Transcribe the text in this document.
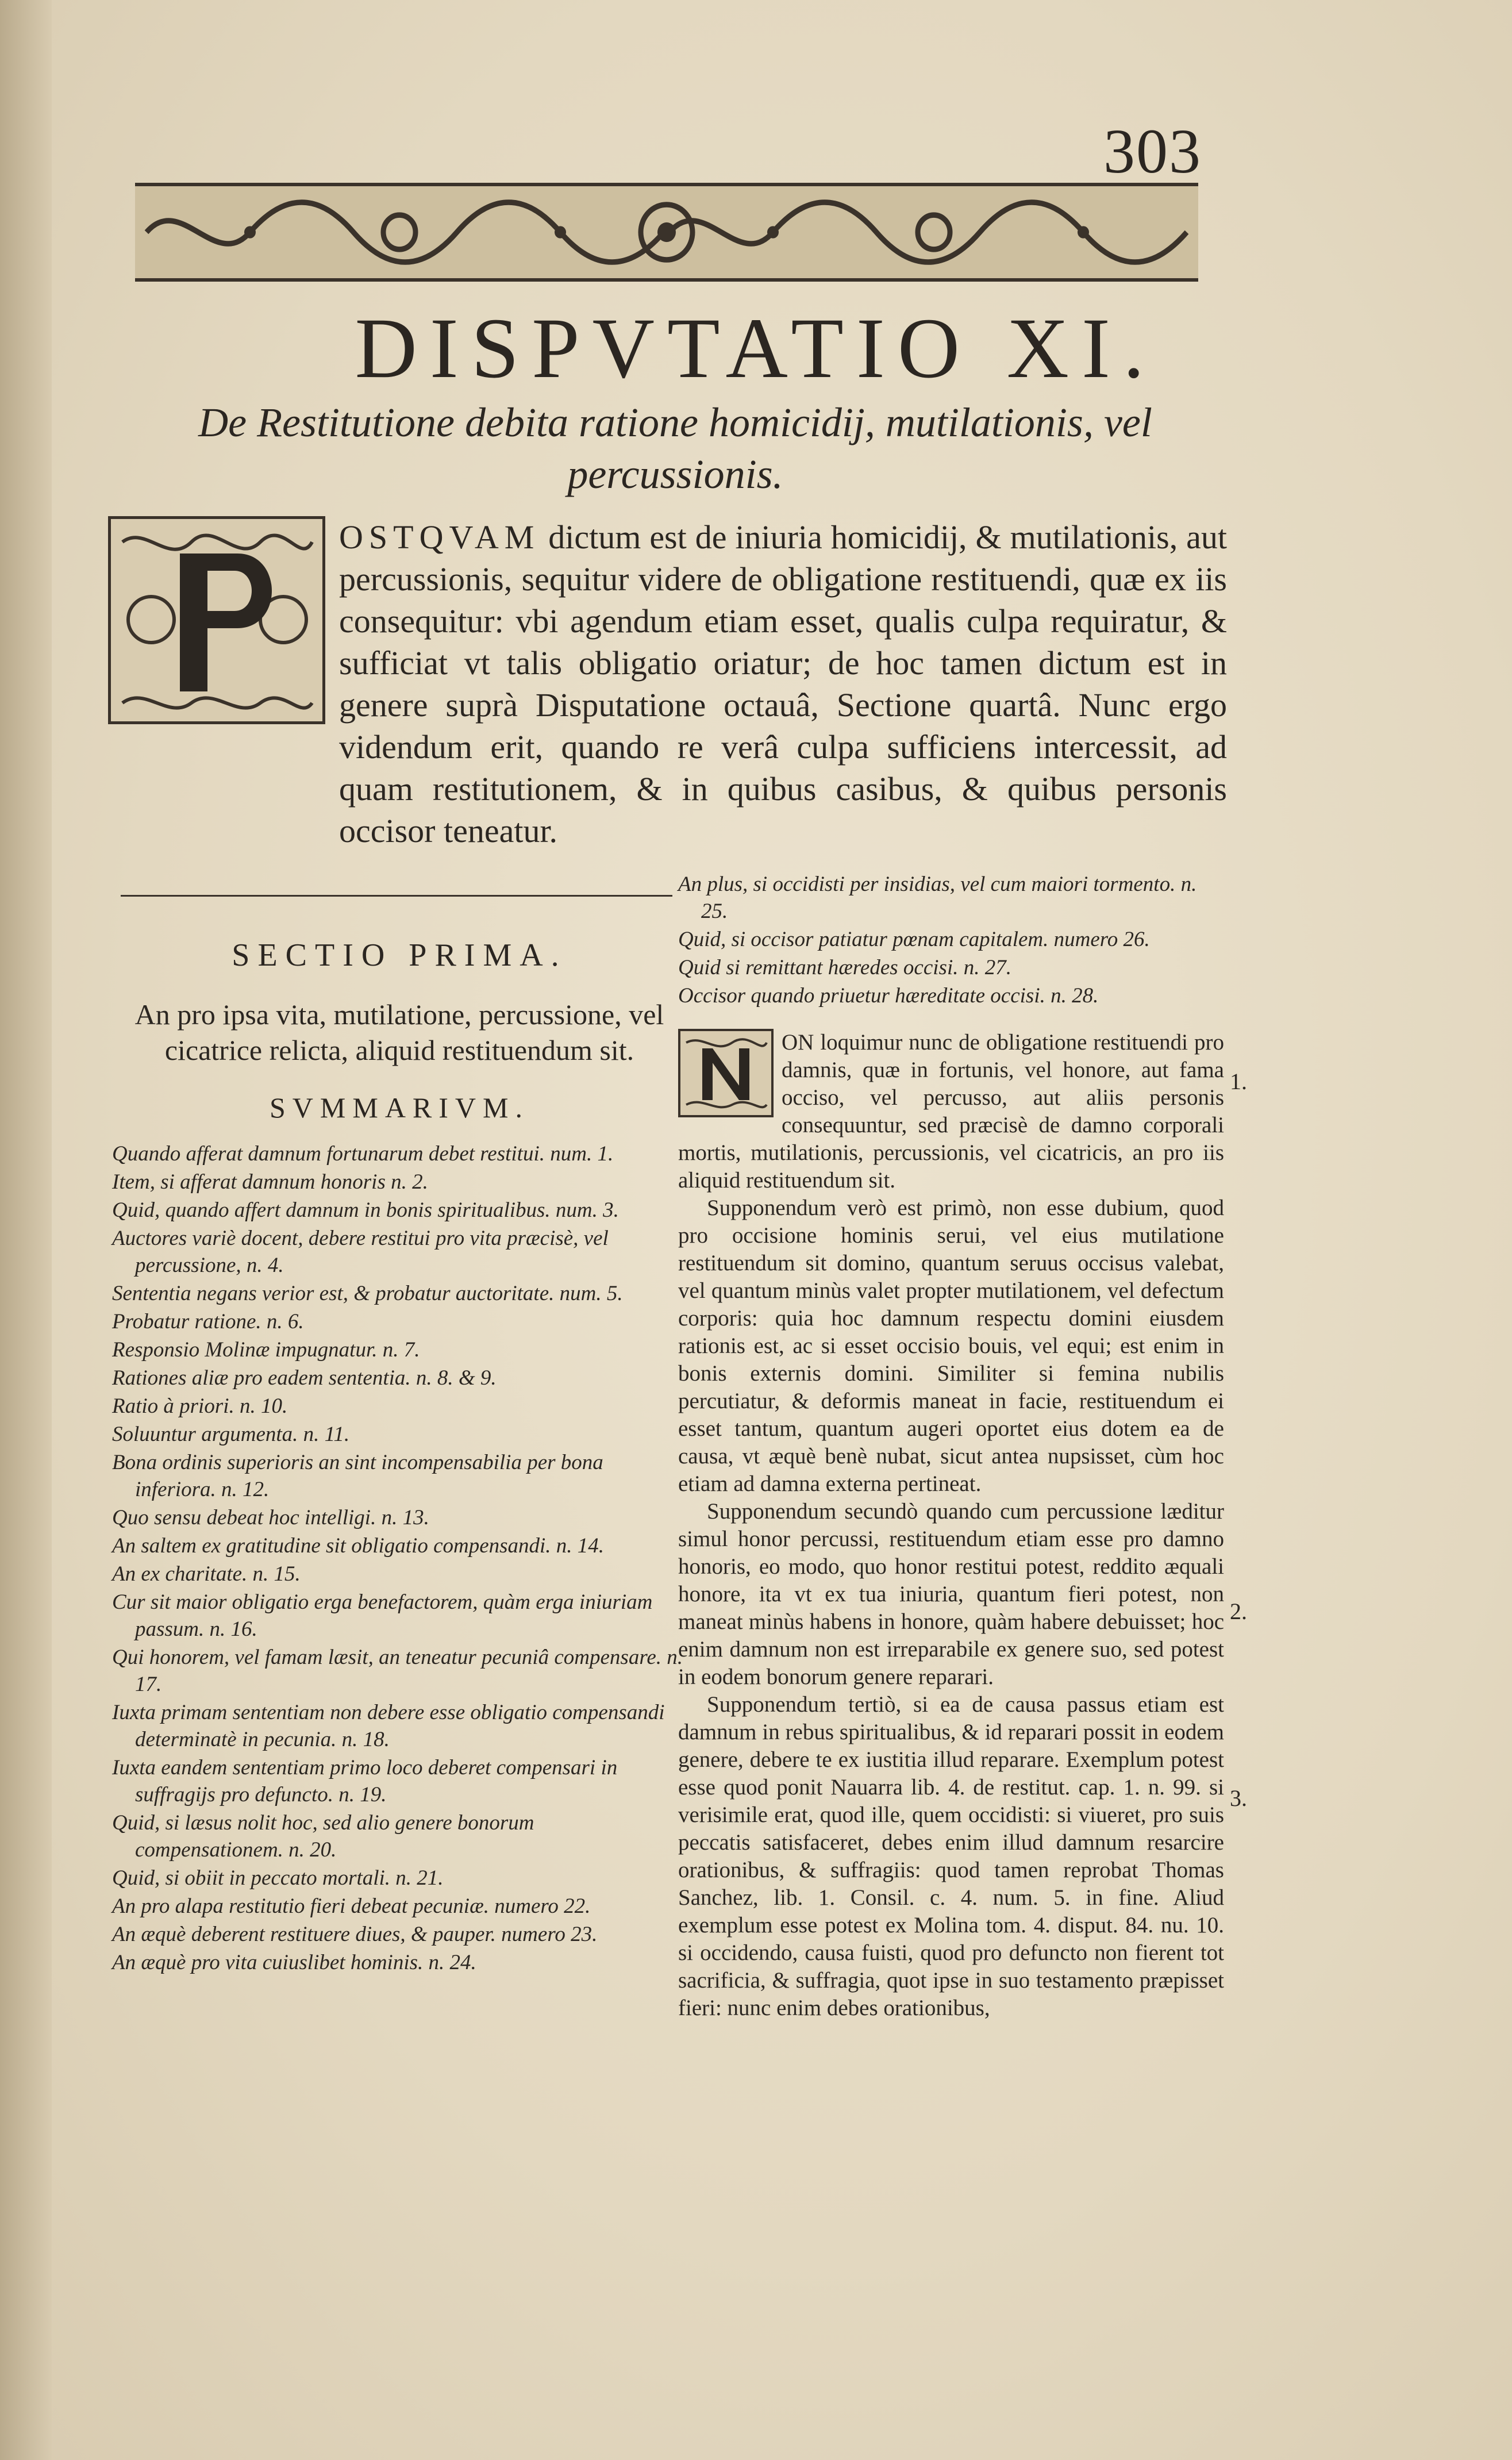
303
DISPVTATIO XI.
De Restitutione debita ratione homicidij, mutilationis, vel percussionis.
OSTQVAM dictum est de iniuria homicidij, & mutilationis, aut percussionis, sequitur videre de obligatione restituendi, quæ ex iis consequitur: vbi agendum etiam esset, qualis culpa requiratur, & sufficiat vt talis obligatio oriatur; de hoc tamen dictum est in genere suprà Disputatione octauâ, Sectione quartâ. Nunc ergo videndum erit, quando re verâ culpa sufficiens intercessit, ad quam restitutionem, & in quibus casibus, & quibus personis occisor teneatur.
SECTIO PRIMA.
An pro ipsa vita, mutilatione, percussione, vel cicatrice relicta, aliquid restituendum sit.
SVMMARIVM.
Quando afferat damnum fortunarum debet restitui. num. 1.
Item, si afferat damnum honoris n. 2.
Quid, quando affert damnum in bonis spiritualibus. num. 3.
Auctores variè docent, debere restitui pro vita præcisè, vel percussione, n. 4.
Sententia negans verior est, & probatur auctoritate. num. 5.
Probatur ratione. n. 6.
Responsio Molinæ impugnatur. n. 7.
Rationes aliæ pro eadem sententia. n. 8. & 9.
Ratio à priori. n. 10.
Soluuntur argumenta. n. 11.
Bona ordinis superioris an sint incompensabilia per bona inferiora. n. 12.
Quo sensu debeat hoc intelligi. n. 13.
An saltem ex gratitudine sit obligatio compensandi. n. 14.
An ex charitate. n. 15.
Cur sit maior obligatio erga benefactorem, quàm erga iniuriam passum. n. 16.
Qui honorem, vel famam læsit, an teneatur pecuniâ compensare. n. 17.
Iuxta primam sententiam non debere esse obligatio compensandi determinatè in pecunia. n. 18.
Iuxta eandem sententiam primo loco deberet compensari in suffragijs pro defuncto. n. 19.
Quid, si læsus nolit hoc, sed alio genere bonorum compensationem. n. 20.
Quid, si obiit in peccato mortali. n. 21.
An pro alapa restitutio fieri debeat pecuniæ. numero 22.
An æquè deberent restituere diues, & pauper. numero 23.
An æquè pro vita cuiuslibet hominis. n. 24.
An plus, si occidisti per insidias, vel cum maiori tormento. n. 25.
Quid, si occisor patiatur pœnam capitalem. numero 26.
Quid si remittant hæredes occisi. n. 27.
Occisor quando priuetur hæreditate occisi. n. 28.

ON loquimur nunc de obligatione restituendi pro damnis, quæ in fortunis, vel honore, aut fama occiso, vel percusso, aut aliis personis consequuntur, sed præcisè de damno corporali mortis, mutilationis, percussionis, vel cicatricis, an pro iis aliquid restituendum sit.

Supponendum verò est primò, non esse dubium, quod pro occisione hominis serui, vel eius mutilatione restituendum sit domino, quantum seruus occisus valebat, vel quantum minùs valet propter mutilationem, vel defectum corporis: quia hoc damnum respectu domini eiusdem rationis est, ac si esset occisio bouis, vel equi; est enim in bonis externis domini. Similiter si femina nubilis percutiatur, & deformis maneat in facie, restituendum ei esset tantum, quantum augeri oportet eius dotem ea de causa, vt æquè benè nubat, sicut antea nupsisset, cùm hoc etiam ad damna externa pertineat.

Supponendum secundò quando cum percussione læditur simul honor percussi, restituendum etiam esse pro damno honoris, eo modo, quo honor restitui potest, reddito æquali honore, ita vt ex tua iniuria, quantum fieri potest, non maneat minùs habens in honore, quàm habere debuisset; hoc enim damnum non est irreparabile ex genere suo, sed potest in eodem bonorum genere reparari.

Supponendum tertiò, si ea de causa passus etiam est damnum in rebus spiritualibus, & id reparari possit in eodem genere, debere te ex iustitia illud reparare. Exemplum potest esse quod ponit Nauarra lib. 4. de restitut. cap. 1. n. 99. si verisimile erat, quod ille, quem occidisti: si viueret, pro suis peccatis satisfaceret, debes enim illud damnum resarcire orationibus, & suffragiis: quod tamen reprobat Thomas Sanchez, lib. 1. Consil. c. 4. num. 5. in fine. Aliud exemplum esse potest ex Molina tom. 4. disput. 84. nu. 10. si occidendo, causa fuisti, quod pro defuncto non fierent tot sacrificia, & suffragia, quot ipse in suo testamento præpisset fieri: nunc enim debes orationibus,

1.
2.
3.
